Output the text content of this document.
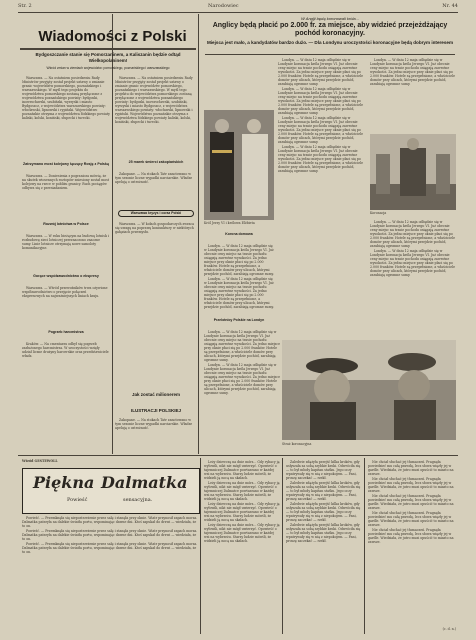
Str. 2	Narodowiec	Nr. 44
Wiadomości z Polski
Bydgoszczanie stanie się Pomorzaninem, a Kaliszanin będzie odtąd Wielkopolaninem!
Wśród zmian w ziemiach województw: pomorskiego, poznańskiego i warszawskiego

Warszawa. — Na ostatniem posiedzeniu Rady Ministrów przyjęty został projekt ustawy o zmianie granic województw pomorskiego, poznańskiego i warszawskiego. W myśl tego projektu do województwa pomorskiego zostaną przyłączone z województwa poznańskiego powiaty: bydgoski, inowrocławski, szubiński, wyrzyski i miasto Bydgoszcz, z województwa warszawskiego powiaty: włocławski, lipnowski i rypiński. Województwo poznańskie otrzyma z województwa łódzkiego powiaty kaliski, kolski, koniński, słupecki i turecki.

Zatrzymano most kolejowy łączący Rosję z Polską

Warszawa. — Doniesienia z pogranicza mówią, że na skutek wiosennych roztopów zniesiony został most kolejowy na rzece w pobliżu granicy. Ruch pociągów odbywa się z przesiadaniem.

Rozwój lotnictwa w Polsce

Warszawa. — W roku bieżącym na budowę lotnisk i rozbudowę sieci lotniczej przeznaczono znaczne sumy. Linie lotnicze otrzymają nowe samoloty komunikacyjne.

Gorące współzawodnictwo o ekspresy

Warszawa. — Wśród przewoźników trwa ożywione współzawodnictwo o przejęcie połączeń ekspresowych na najważniejszych liniach kraju.

Pogrzeb harcmistrza

Kraków. — Na cmentarzu odbył się pogrzeb zasłużonego harcmistrza. W uroczystości wzięły udział liczne drużyny harcerskie oraz przedstawiciele władz.

Warszawa. — Na ostatniem posiedzeniu Rady Ministrów przyjęty został projekt ustawy o zmianie granic województw pomorskiego, poznańskiego i warszawskiego. W myśl tego projektu do województwa pomorskiego zostaną przyłączone z województwa poznańskiego powiaty: bydgoski, inowrocławski, szubiński, wyrzyski i miasto Bydgoszcz, z województwa warszawskiego powiaty: włocławski, lipnowski i rypiński. Województwo poznańskie otrzyma z województwa łódzkiego powiaty kaliski, kolski, koniński, słupecki i turecki.

25 marek śmierci zakopiańskich

Zakopane. — Na stokach Tatr zanotowano w tym sezonie liczne wypadki narciarskie. Władze apelują o ostrożność.

Warszawa kryzys i coraz Polski

Warszawa. — W kołach gospodarczych zwraca się uwagę na poprawę koniunktury w niektórych gałęziach przemysłu.

Jak zostać milionerem
ILUSTRACJI POLSKIEJ

Zakopane. — Na stokach Tatr zanotowano w tym sezonie liczne wypadki narciarskie. Władze apelują o ostrożność.

W Anglji będą koronowali króla...
Anglicy będą płacić po 2.000 fr. za miejsce, aby widzieć przejeżdżający pochód koronacyjny.
Miejsca jest mało, a kandydatów bardzo dużo. — Dla Londynu uroczystości koronacyjne będą dobrym interesem
Król Jerzy VI i królowa Elżbieta

Londyn. — W dniu 12 maja odbędzie się w Londynie koronacja króla Jerzego VI. Już obecnie ceny miejsc na trasie pochodu osiągają zawrotne wysokości. Za jedno miejsce przy oknie płaci się po 2.000 franków. Hotele są przepełnione, a właściciele domów przy ulicach, którymi przejdzie pochód, zarabiają ogromne sumy.

Londyn. — W dniu 12 maja odbędzie się w Londynie koronacja króla Jerzego VI. Już obecnie ceny miejsc na trasie pochodu osiągają zawrotne wysokości. Za jedno miejsce przy oknie płaci się po 2.000 franków. Hotele są przepełnione, a właściciele domów przy ulicach, którymi przejdzie pochód, zarabiają ogromne sumy.

Londyn. — W dniu 12 maja odbędzie się w Londynie koronacja króla Jerzego VI. Już obecnie ceny miejsc na trasie pochodu osiągają zawrotne wysokości. Za jedno miejsce przy oknie płaci się po 2.000 franków. Hotele są przepełnione, a właściciele domów przy ulicach, którymi przejdzie pochód, zarabiają ogromne sumy.

Londyn. — W dniu 12 maja odbędzie się w Londynie koronacja króla Jerzego VI. Już obecnie ceny miejsc na trasie pochodu osiągają zawrotne wysokości. Za jedno miejsce przy oknie płaci się po 2.000 franków. Hotele są przepełnione, a właściciele domów przy ulicach, którymi przejdzie pochód, zarabiają ogromne sumy.

Korona domowa

Londyn. — W dniu 12 maja odbędzie się w Londynie koronacja króla Jerzego VI. Już obecnie ceny miejsc na trasie pochodu osiągają zawrotne wysokości. Za jedno miejsce przy oknie płaci się po 2.000 franków. Hotele są przepełnione, a właściciele domów przy ulicach, którymi przejdzie pochód, zarabiają ogromne sumy.

Londyn. — W dniu 12 maja odbędzie się w Londynie koronacja króla Jerzego VI. Już obecnie ceny miejsc na trasie pochodu osiągają zawrotne wysokości. Za jedno miejsce przy oknie płaci się po 2.000 franków. Hotele są przepełnione, a właściciele domów przy ulicach, którymi przejdzie pochód, zarabiają ogromne sumy.

Koronacja

Londyn. — W dniu 12 maja odbędzie się w Londynie koronacja króla Jerzego VI. Już obecnie ceny miejsc na trasie pochodu osiągają zawrotne wysokości. Za jedno miejsce przy oknie płaci się po 2.000 franków. Hotele są przepełnione, a właściciele domów przy ulicach, którymi przejdzie pochód, zarabiają ogromne sumy.

Londyn. — W dniu 12 maja odbędzie się w Londynie koronacja króla Jerzego VI. Już obecnie ceny miejsc na trasie pochodu osiągają zawrotne wysokości. Za jedno miejsce przy oknie płaci się po 2.000 franków. Hotele są przepełnione, a właściciele domów przy ulicach, którymi przejdzie pochód, zarabiają ogromne sumy.

Londyn. — W dniu 12 maja odbędzie się w Londynie koronacja króla Jerzego VI. Już obecnie ceny miejsc na trasie pochodu osiągają zawrotne wysokości. Za jedno miejsce przy oknie płaci się po 2.000 franków. Hotele są przepełnione, a właściciele domów przy ulicach, którymi przejdzie pochód, zarabiają ogromne sumy.

Przelotnicy Polskie na Londyn
Straż koronacyjna

Londyn. — W dniu 12 maja odbędzie się w Londynie koronacja króla Jerzego VI. Już obecnie ceny miejsc na trasie pochodu osiągają zawrotne wysokości. Za jedno miejsce przy oknie płaci się po 2.000 franków. Hotele są przepełnione, a właściciele domów przy ulicach, którymi przejdzie pochód, zarabiają ogromne sumy.

Londyn. — W dniu 12 maja odbędzie się w Londynie koronacja króla Jerzego VI. Już obecnie ceny miejsc na trasie pochodu osiągają zawrotne wysokości. Za jedno miejsce przy oknie płaci się po 2.000 franków. Hotele są przepełnione, a właściciele domów przy ulicach, którymi przejdzie pochód, zarabiają ogromne sumy.

Wśród GESTEWOLL
Piękna Dalmatka
Powieść	sensacyjna.

Powieść. — Przemknęła się niepostrzeżenie przez salę i stanęła przy oknie. Wiatr przynosił zapach morza. Dalmatka patrzyła na dalekie światła portu, wspominając dawne dni. Ktoś zapukał do drzwi — wiedziała, że to on.

Powieść. — Przemknęła się niepostrzeżenie przez salę i stanęła przy oknie. Wiatr przynosił zapach morza. Dalmatka patrzyła na dalekie światła portu, wspominając dawne dni. Ktoś zapukał do drzwi — wiedziała, że to on.

Powieść. — Przemknęła się niepostrzeżenie przez salę i stanęła przy oknie. Wiatr przynosił zapach morza. Dalmatka patrzyła na dalekie światła portu, wspominając dawne dni. Ktoś zapukał do drzwi — wiedziała, że to on.

Leży dziewczę na dnie mórz... Gdy rybacy ją wyłowili, nikt nie mógł uwierzyć. Opowieść o tajemniczej Dalmatce powtarzano w każdej wsi na wybrzeżu. Starzy ludzie mówili, że widzieli ją nocą na skałach.

Leży dziewczę na dnie mórz... Gdy rybacy ją wyłowili, nikt nie mógł uwierzyć. Opowieść o tajemniczej Dalmatce powtarzano w każdej wsi na wybrzeżu. Starzy ludzie mówili, że widzieli ją nocą na skałach.

Leży dziewczę na dnie mórz... Gdy rybacy ją wyłowili, nikt nie mógł uwierzyć. Opowieść o tajemniczej Dalmatce powtarzano w każdej wsi na wybrzeżu. Starzy ludzie mówili, że widzieli ją nocą na skałach.

Leży dziewczę na dnie mórz... Gdy rybacy ją wyłowili, nikt nie mógł uwierzyć. Opowieść o tajemniczej Dalmatce powtarzano w każdej wsi na wybrzeżu. Starzy ludzie mówili, że widzieli ją nocą na skałach.

Zaledwie zdążyła przejść kilka kroków, gdy usłyszała za sobą szybkie kroki. Odwróciła się — to był młody kapitan statku. Jego oczy wpatrywały się w nią z niepokojem. — Pani, proszę zaczekać — rzekł.

Zaledwie zdążyła przejść kilka kroków, gdy usłyszała za sobą szybkie kroki. Odwróciła się — to był młody kapitan statku. Jego oczy wpatrywały się w nią z niepokojem. — Pani, proszę zaczekać — rzekł.

Zaledwie zdążyła przejść kilka kroków, gdy usłyszała za sobą szybkie kroki. Odwróciła się — to był młody kapitan statku. Jego oczy wpatrywały się w nią z niepokojem. — Pani, proszę zaczekać — rzekł.

Zaledwie zdążyła przejść kilka kroków, gdy usłyszała za sobą szybkie kroki. Odwróciła się — to był młody kapitan statku. Jego oczy wpatrywały się w nią z niepokojem. — Pani, proszę zaczekać — rzekł.

Nie chciał słuchać jej tłumaczeń. Pragnęła powiedzieć mu całą prawdę, lecz słowa więzły jej w gardle. Wiedziała, że jutro musi opuścić to miasto na zawsze.

Nie chciał słuchać jej tłumaczeń. Pragnęła powiedzieć mu całą prawdę, lecz słowa więzły jej w gardle. Wiedziała, że jutro musi opuścić to miasto na zawsze.

Nie chciał słuchać jej tłumaczeń. Pragnęła powiedzieć mu całą prawdę, lecz słowa więzły jej w gardle. Wiedziała, że jutro musi opuścić to miasto na zawsze.

Nie chciał słuchać jej tłumaczeń. Pragnęła powiedzieć mu całą prawdę, lecz słowa więzły jej w gardle. Wiedziała, że jutro musi opuścić to miasto na zawsze.

Nie chciał słuchać jej tłumaczeń. Pragnęła powiedzieć mu całą prawdę, lecz słowa więzły jej w gardle. Wiedziała, że jutro musi opuścić to miasto na zawsze.

(c. d. n.)
